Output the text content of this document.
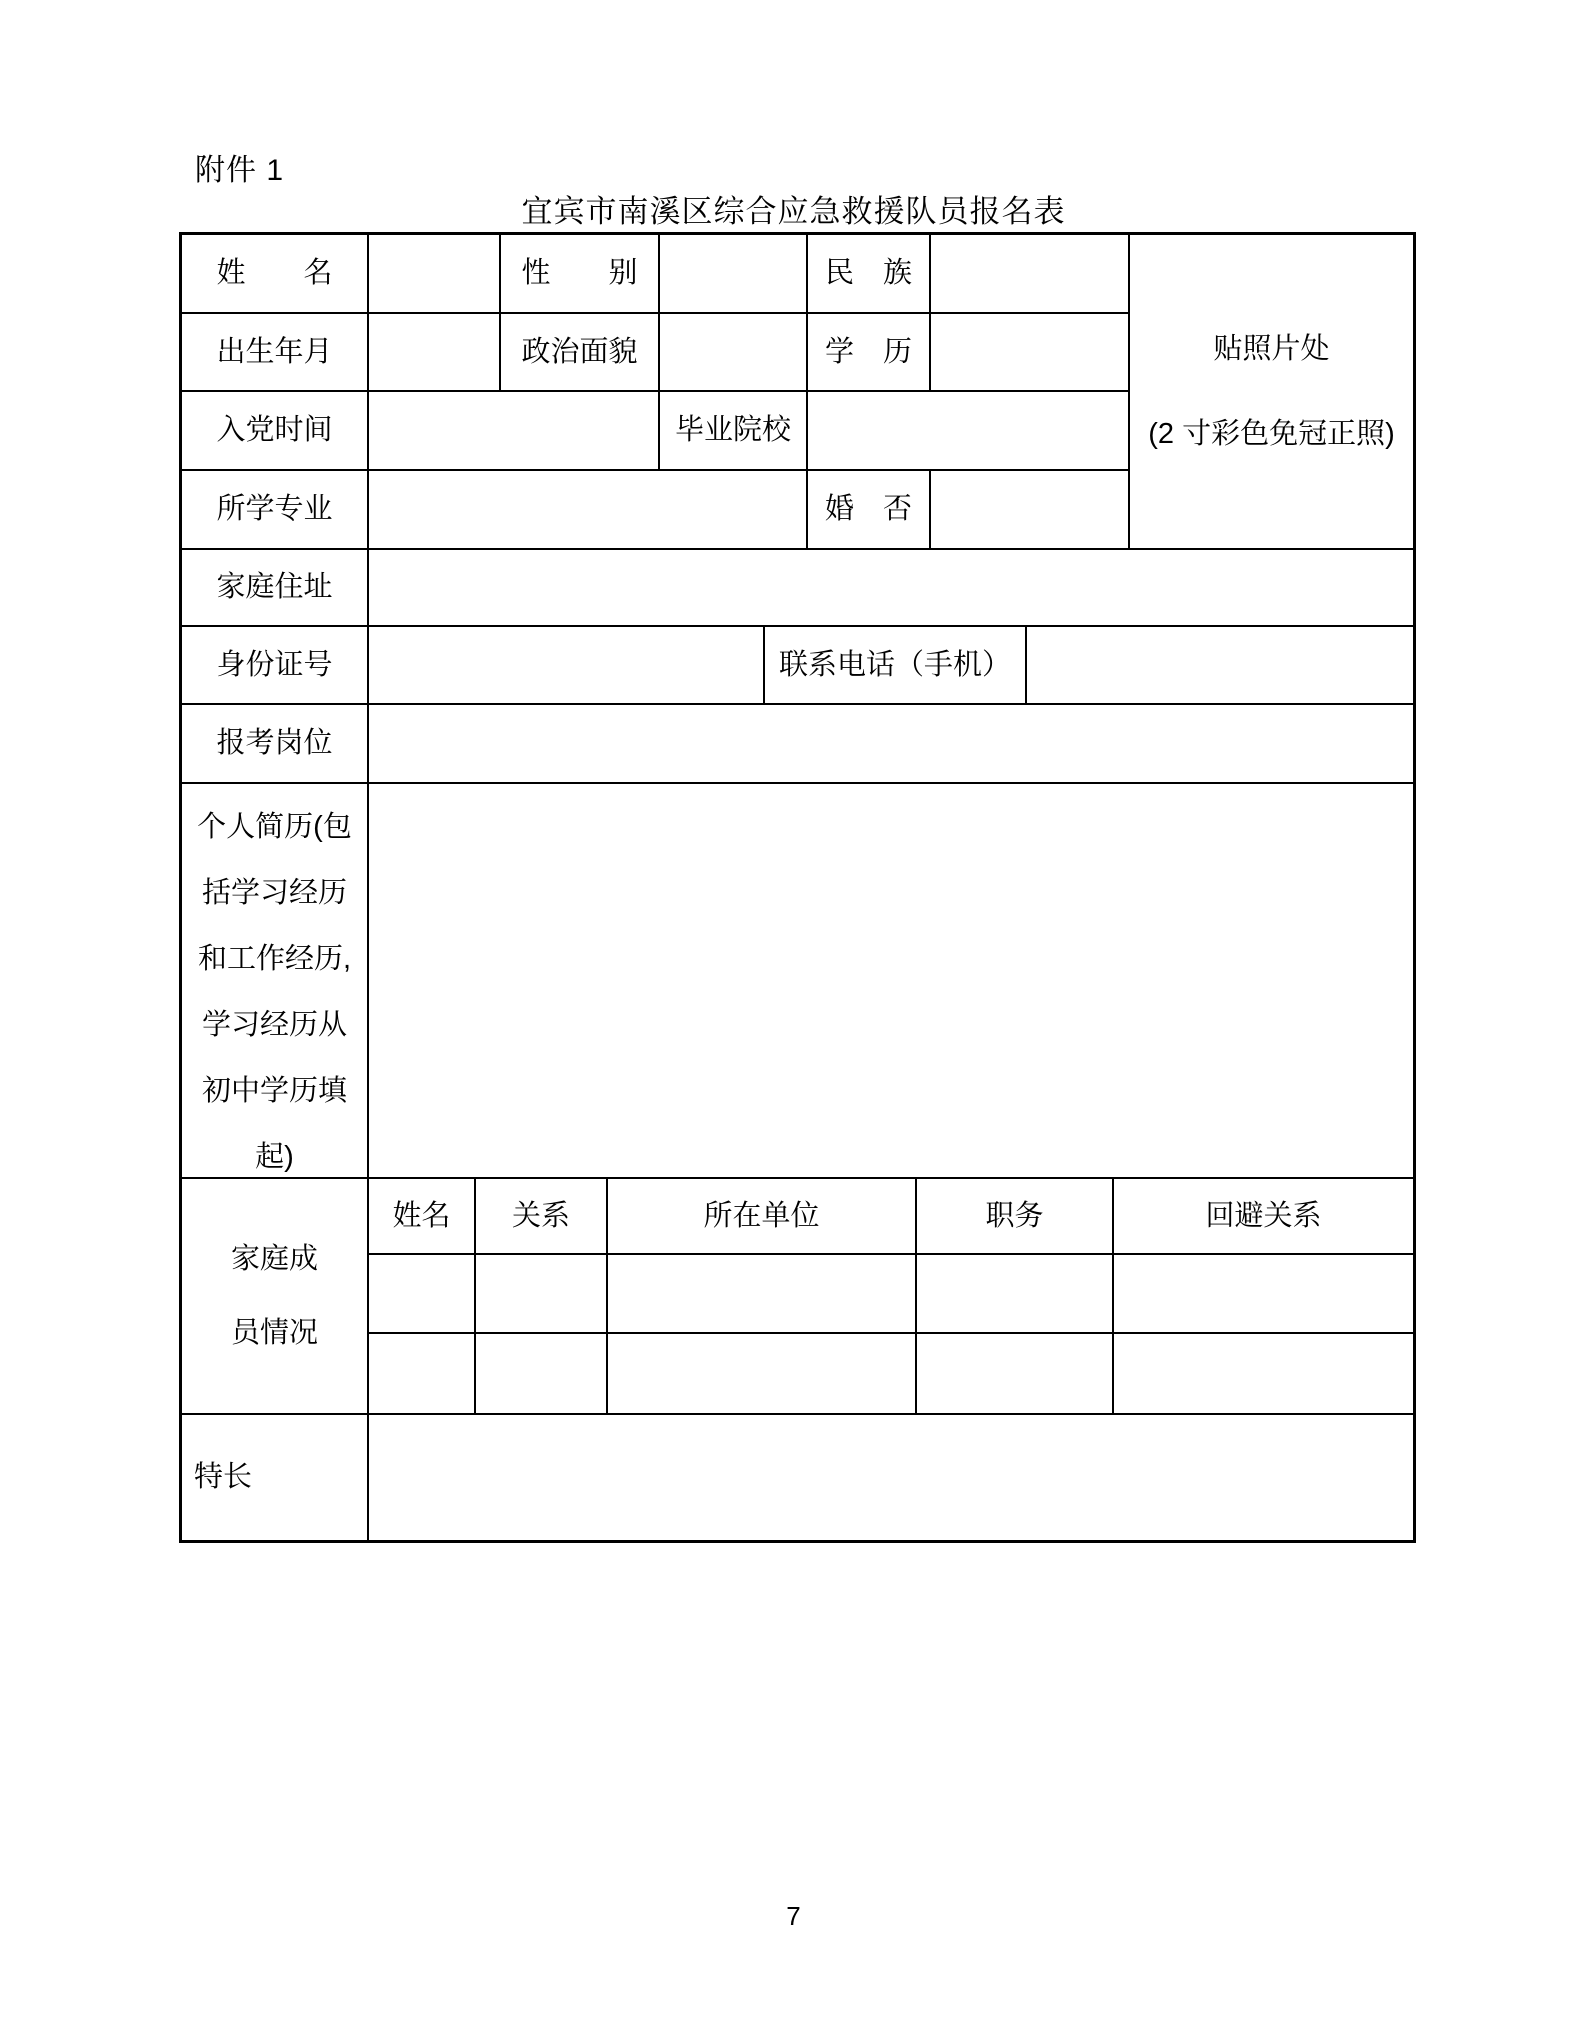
附件 1
宜宾市南溪区综合应急救援队员报名表
姓　　名	性　　别	民　族
贴照片处
(2 寸彩色免冠正照)
出生年月	政治面貌	学　历
入党时间	毕业院校
所学专业	婚　否
家庭住址
身份证号	联系电话（手机）
报考岗位
个人简历(包括学习经历和工作经历,学习经历从初中学历填起)
家庭成员情况
姓名	关系	所在单位	职务	回避关系
特长
7
